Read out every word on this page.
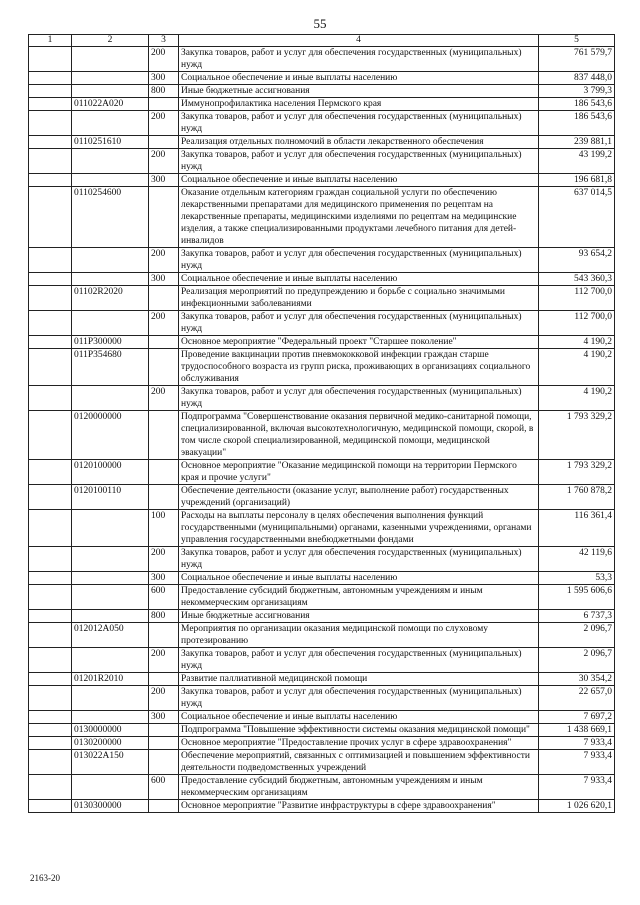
55
1	2	3	4	5
		200	Закупка товаров, работ и услуг для обеспечения государственных (муниципальных) нужд	761 579,7
		300	Социальное обеспечение и иные выплаты населению	837 448,0
		800	Иные бюджетные ассигнования	3 799,3
	011022A020		Иммунопрофилактика населения Пермского края	186 543,6
		200	Закупка товаров, работ и услуг для обеспечения государственных (муниципальных) нужд	186 543,6
	0110251610		Реализация отдельных полномочий в области лекарственного обеспечения	239 881,1
		200	Закупка товаров, работ и услуг для обеспечения государственных (муниципальных) нужд	43 199,2
		300	Социальное обеспечение и иные выплаты населению	196 681,8
	0110254600		Оказание отдельным категориям граждан социальной услуги по обеспечению лекарственными препаратами для медицинского применения по рецептам на лекарственные препараты, медицинскими изделиями по рецептам на медицинские изделия, а также специализированными продуктами лечебного питания для детей-инвалидов	637 014,5
		200	Закупка товаров, работ и услуг для обеспечения государственных (муниципальных) нужд	93 654,2
		300	Социальное обеспечение и иные выплаты населению	543 360,3
	01102R2020		Реализация мероприятий по предупреждению и борьбе с социально значимыми инфекционными заболеваниями	112 700,0
		200	Закупка товаров, работ и услуг для обеспечения государственных (муниципальных) нужд	112 700,0
	011P300000		Основное мероприятие "Федеральный проект "Старшее поколение"	4 190,2
	011P354680		Проведение вакцинации против пневмококковой инфекции граждан старше трудоспособного возраста из групп риска, проживающих в организациях социального обслуживания	4 190,2
		200	Закупка товаров, работ и услуг для обеспечения государственных (муниципальных) нужд	4 190,2
	0120000000		Подпрограмма "Совершенствование оказания первичной медико-санитарной помощи, специализированной, включая высокотехнологичную, медицинской помощи, скорой, в том числе скорой специализированной, медицинской помощи, медицинской эвакуации"	1 793 329,2
	0120100000		Основное мероприятие "Оказание медицинской помощи на территории Пермского края и прочие услуги"	1 793 329,2
	0120100110		Обеспечение деятельности (оказание услуг, выполнение работ) государственных учреждений (организаций)	1 760 878,2
		100	Расходы на выплаты персоналу в целях обеспечения выполнения функций государственными (муниципальными) органами, казенными учреждениями, органами управления государственными внебюджетными фондами	116 361,4
		200	Закупка товаров, работ и услуг для обеспечения государственных (муниципальных) нужд	42 119,6
		300	Социальное обеспечение и иные выплаты населению	53,3
		600	Предоставление субсидий бюджетным, автономным учреждениям и иным некоммерческим организациям	1 595 606,6
		800	Иные бюджетные ассигнования	6 737,3
	012012A050		Мероприятия по организации оказания медицинской помощи по слуховому протезированию	2 096,7
		200	Закупка товаров, работ и услуг для обеспечения государственных (муниципальных) нужд	2 096,7
	01201R2010		Развитие паллиативной медицинской помощи	30 354,2
		200	Закупка товаров, работ и услуг для обеспечения государственных (муниципальных) нужд	22 657,0
		300	Социальное обеспечение и иные выплаты населению	7 697,2
	0130000000		Подпрограмма "Повышение эффективности системы оказания медицинской помощи"	1 438 669,1
	0130200000		Основное мероприятие "Предоставление прочих услуг в сфере здравоохранения"	7 933,4
	013022A150		Обеспечение мероприятий, связанных с оптимизацией и повышением эффективности деятельности подведомственных учреждений	7 933,4
		600	Предоставление субсидий бюджетным, автономным учреждениям и иным некоммерческим организациям	7 933,4
	0130300000		Основное мероприятие "Развитие инфраструктуры в сфере здравоохранения"	1 026 620,1
2163-20
